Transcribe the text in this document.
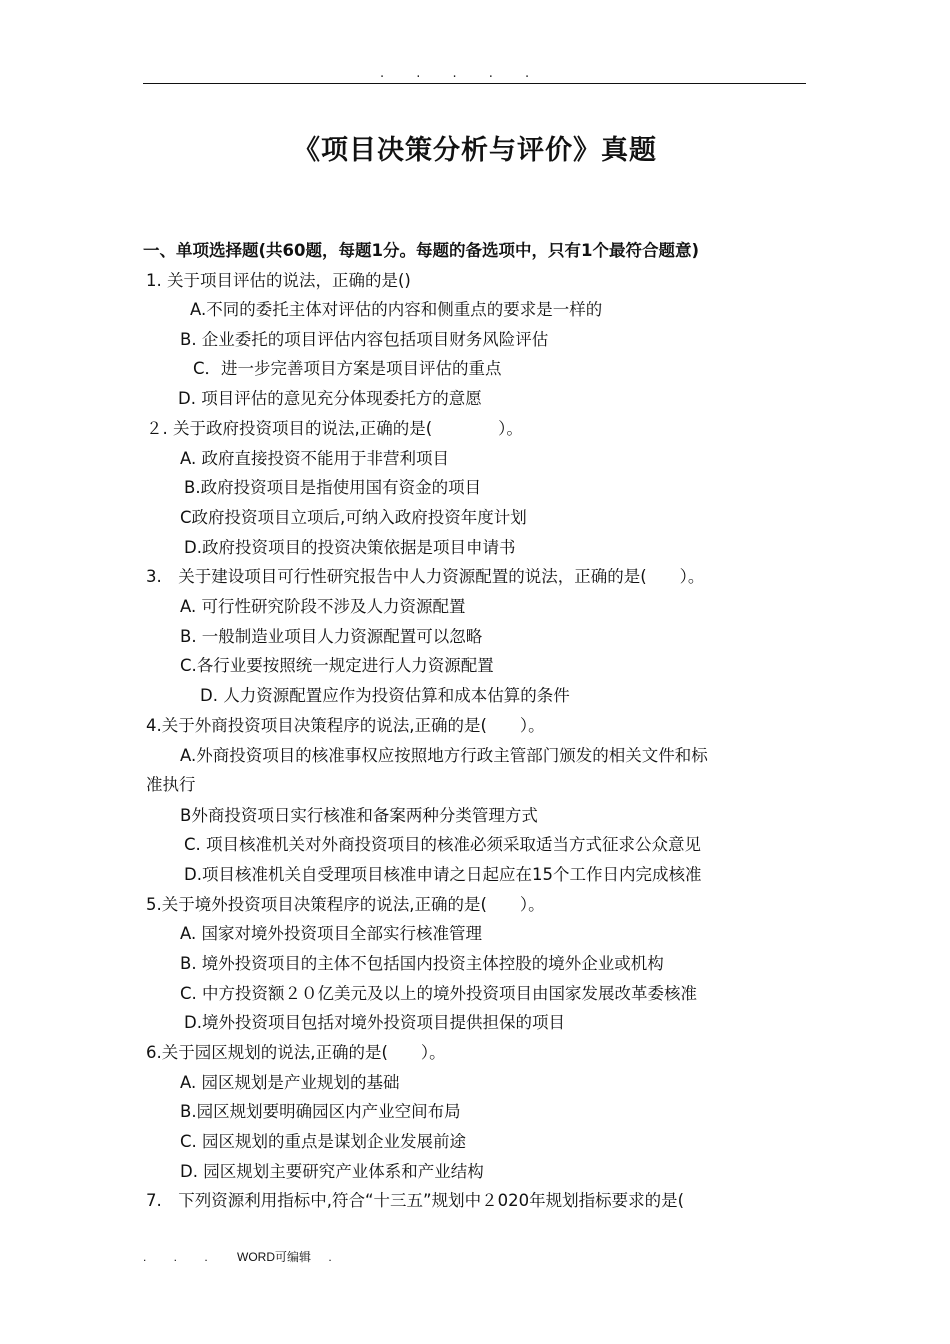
. . . . .
《项目决策分析与评价》真题
一、单项选择题(共60题，每题1分。每题的备选项中，只有1个最符合题意)
1. 关于项目评估的说法，正确的是()
A.不同的委托主体对评估的内容和侧重点的要求是一样的
B. 企业委托的项目评估内容包括项目财务风险评估
C．进一步完善项目方案是项目评估的重点
D. 项目评估的意见充分体现委托方的意愿
２. 关于政府投资项目的说法,正确的是(　　　　）。
A. 政府直接投资不能用于非营利项目
B.政府投资项目是指使用国有资金的项目
C政府投资项目立项后,可纳入政府投资年度计划
D.政府投资项目的投资决策依据是项目申请书
3.　关于建设项目可行性研究报告中人力资源配置的说法，正确的是(　　）。
A. 可行性研究阶段不涉及人力资源配置
B. 一般制造业项目人力资源配置可以忽略
C.各行业要按照统一规定进行人力资源配置
D. 人力资源配置应作为投资估算和成本估算的条件
4.关于外商投资项目决策程序的说法,正确的是(　　）。
A.外商投资项目的核准事权应按照地方行政主管部门颁发的相关文件和标
准执行
B外商投资项日实行核准和备案两种分类管理方式
C. 项目核准机关对外商投资项目的核准必须采取适当方式征求公众意见
D.项目核准机关自受理项目核准申请之日起应在15个工作日内完成核准
5.关于境外投资项目决策程序的说法,正确的是(　　）。
A. 国家对境外投资项目全部实行核准管理
B. 境外投资项目的主体不包括国内投资主体控股的境外企业或机构
C. 中方投资额２０亿美元及以上的境外投资项目由国家发展改革委核准
D.境外投资项目包括对境外投资项目提供担保的项目
6.关于园区规划的说法,正确的是(　　）。
A. 园区规划是产业规划的基础
B.园区规划要明确园区内产业空间布局
C. 园区规划的重点是谋划企业发展前途
D. 园区规划主要研究产业体系和产业结构
7.　下列资源利用指标中,符合“十三五”规划中２020年规划指标要求的是(
. . . WORD可编辑 .
